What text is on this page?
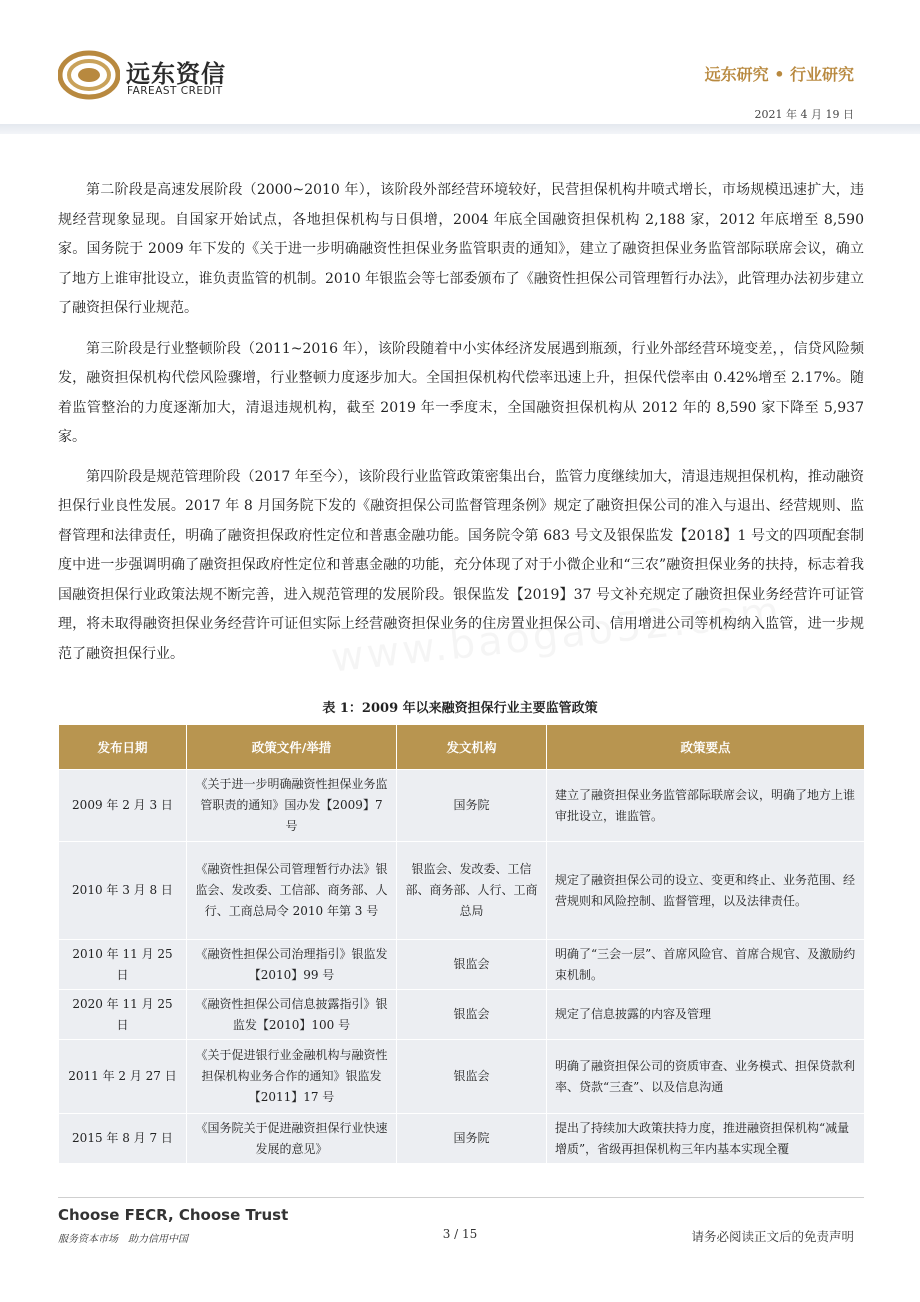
远东资信
FAREAST CREDIT
远东研究 • 行业研究
2021 年 4 月 19 日

第二阶段是高速发展阶段（2000~2010 年），该阶段外部经营环境较好，民营担保机构井喷式增长，市场规模迅速扩大，违规经营现象显现。自国家开始试点，各地担保机构与日俱增，2004 年底全国融资担保机构 2,188 家，2012 年底增至 8,590 家。国务院于 2009 年下发的《关于进一步明确融资性担保业务监管职责的通知》，建立了融资担保业务监管部际联席会议，确立了地方上谁审批设立，谁负责监管的机制。2010 年银监会等七部委颁布了《融资性担保公司管理暂行办法》，此管理办法初步建立了融资担保行业规范。

第三阶段是行业整顿阶段（2011~2016 年），该阶段随着中小实体经济发展遇到瓶颈，行业外部经营环境变差，，信贷风险频发，融资担保机构代偿风险骤增，行业整顿力度逐步加大。全国担保机构代偿率迅速上升，担保代偿率由 0.42%增至 2.17%。随着监管整治的力度逐渐加大，清退违规机构，截至 2019 年一季度末，全国融资担保机构从 2012 年的 8,590 家下降至 5,937 家。

第四阶段是规范管理阶段（2017 年至今），该阶段行业监管政策密集出台，监管力度继续加大，清退违规担保机构，推动融资担保行业良性发展。2017 年 8 月国务院下发的《融资担保公司监督管理条例》规定了融资担保公司的准入与退出、经营规则、监督管理和法律责任，明确了融资担保政府性定位和普惠金融功能。国务院令第 683 号文及银保监发【2018】1 号文的四项配套制度中进一步强调明确了融资担保政府性定位和普惠金融的功能，充分体现了对于小微企业和“三农”融资担保业务的扶持，标志着我国融资担保行业政策法规不断完善，进入规范管理的发展阶段。银保监发【2019】37 号文补充规定了融资担保业务经营许可证管理，将未取得融资担保业务经营许可证但实际上经营融资担保业务的住房置业担保公司、信用增进公司等机构纳入监管，进一步规范了融资担保行业。

表 1：2009 年以来融资担保行业主要监管政策
发布日期	政策文件/举措	发文机构	政策要点
2009 年 2 月 3 日	《关于进一步明确融资性担保业务监管职责的通知》国办发【2009】7 号	国务院	建立了融资担保业务监管部际联席会议，明确了地方上谁审批设立，谁监管。
2010 年 3 月 8 日	《融资性担保公司管理暂行办法》银监会、发改委、工信部、商务部、人行、工商总局令 2010 年第 3 号	银监会、发改委、工信部、商务部、人行、工商总局	规定了融资担保公司的设立、变更和终止、业务范围、经营规则和风险控制、监督管理，以及法律责任。
2010 年 11 月 25 日	《融资性担保公司治理指引》银监发【2010】99 号	银监会	明确了“三会一层”、首席风险官、首席合规官、及激励约束机制。
2020 年 11 月 25 日	《融资性担保公司信息披露指引》银监发【2010】100 号	银监会	规定了信息披露的内容及管理
2011 年 2 月 27 日	《关于促进银行业金融机构与融资性担保机构业务合作的通知》银监发【2011】17 号	银监会	明确了融资担保公司的资质审查、业务模式、担保贷款利率、贷款“三查”、以及信息沟通
2015 年 8 月 7 日	《国务院关于促进融资担保行业快速发展的意见》	国务院	提出了持续加大政策扶持力度，推进融资担保机构“减量增质”，省级再担保机构三年内基本实现全覆
Choose FECR, Choose Trust
服务资本市场　助力信用中国	3 / 15	请务必阅读正文后的免责声明
